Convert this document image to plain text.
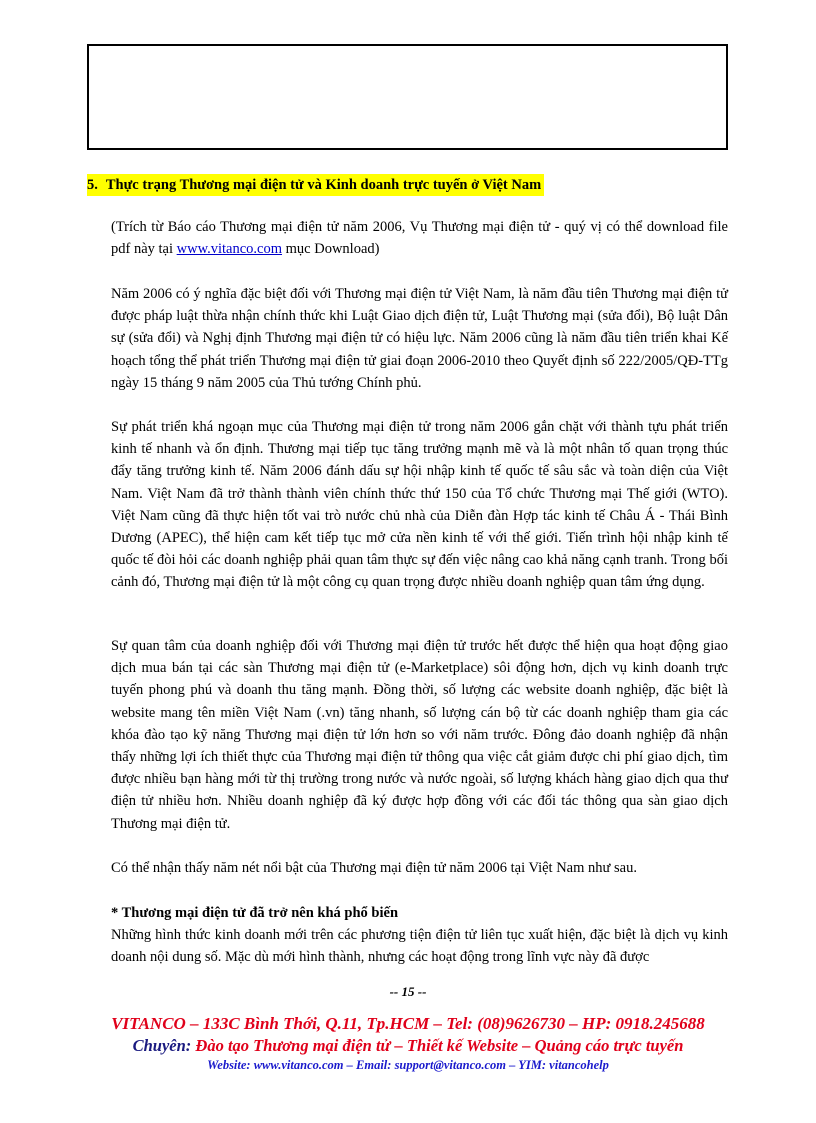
5. Thực trạng Thương mại điện tử và Kinh doanh trực tuyến ở Việt Nam

(Trích từ Báo cáo Thương mại điện tử năm 2006, Vụ Thương mại điện tử - quý vị có thể download file pdf này tại www.vitanco.com mục Download)

Năm 2006 có ý nghĩa đặc biệt đối với Thương mại điện tử Việt Nam, là năm đầu tiên Thương mại điện tử được pháp luật thừa nhận chính thức khi Luật Giao dịch điện tử, Luật Thương mại (sửa đổi), Bộ luật Dân sự (sửa đổi) và Nghị định Thương mại điện tử có hiệu lực. Năm 2006 cũng là năm đầu tiên triển khai Kế hoạch tổng thể phát triển Thương mại điện tử giai đoạn 2006-2010 theo Quyết định số 222/2005/QĐ-TTg ngày 15 tháng 9 năm 2005 của Thủ tướng Chính phủ.

Sự phát triển khá ngoạn mục của Thương mại điện tử trong năm 2006 gắn chặt với thành tựu phát triển kinh tế nhanh và ổn định. Thương mại tiếp tục tăng trưởng mạnh mẽ và là một nhân tố quan trọng thúc đẩy tăng trưởng kinh tế. Năm 2006 đánh dấu sự hội nhập kinh tế quốc tế sâu sắc và toàn diện của Việt Nam. Việt Nam đã trở thành thành viên chính thức thứ 150 của Tổ chức Thương mại Thế giới (WTO). Việt Nam cũng đã thực hiện tốt vai trò nước chủ nhà của Diễn đàn Hợp tác kinh tế Châu Á - Thái Bình Dương (APEC), thể hiện cam kết tiếp tục mở cửa nền kinh tế với thế giới. Tiến trình hội nhập kinh tế quốc tế đòi hỏi các doanh nghiệp phải quan tâm thực sự đến việc nâng cao khả năng cạnh tranh. Trong bối cảnh đó, Thương mại điện tử là một công cụ quan trọng được nhiều doanh nghiệp quan tâm ứng dụng.

Sự quan tâm của doanh nghiệp đối với Thương mại điện tử trước hết được thể hiện qua hoạt động giao dịch mua bán tại các sàn Thương mại điện tử (e-Marketplace) sôi động hơn, dịch vụ kinh doanh trực tuyến phong phú và doanh thu tăng mạnh. Đồng thời, số lượng các website doanh nghiệp, đặc biệt là website mang tên miền Việt Nam (.vn) tăng nhanh, số lượng cán bộ từ các doanh nghiệp tham gia các khóa đào tạo kỹ năng Thương mại điện tử lớn hơn so với năm trước. Đông đảo doanh nghiệp đã nhận thấy những lợi ích thiết thực của Thương mại điện tử thông qua việc cắt giảm được chi phí giao dịch, tìm được nhiều bạn hàng mới từ thị trường trong nước và nước ngoài, số lượng khách hàng giao dịch qua thư điện tử nhiều hơn. Nhiều doanh nghiệp đã ký được hợp đồng với các đối tác thông qua sàn giao dịch Thương mại điện tử.

Có thể nhận thấy năm nét nổi bật của Thương mại điện tử năm 2006 tại Việt Nam như sau.

* Thương mại điện tử đã trở nên khá phổ biến

Những hình thức kinh doanh mới trên các phương tiện điện tử liên tục xuất hiện, đặc biệt là dịch vụ kinh doanh nội dung số. Mặc dù mới hình thành, nhưng các hoạt động trong lĩnh vực này đã được

-- 15 --
VITANCO – 133C Bình Thới, Q.11, Tp.HCM – Tel: (08)9626730 – HP: 0918.245688
Chuyên: Đào tạo Thương mại điện tử – Thiết kế Website – Quảng cáo trực tuyến
Website: www.vitanco.com – Email: support@vitanco.com – YIM: vitancohelp
